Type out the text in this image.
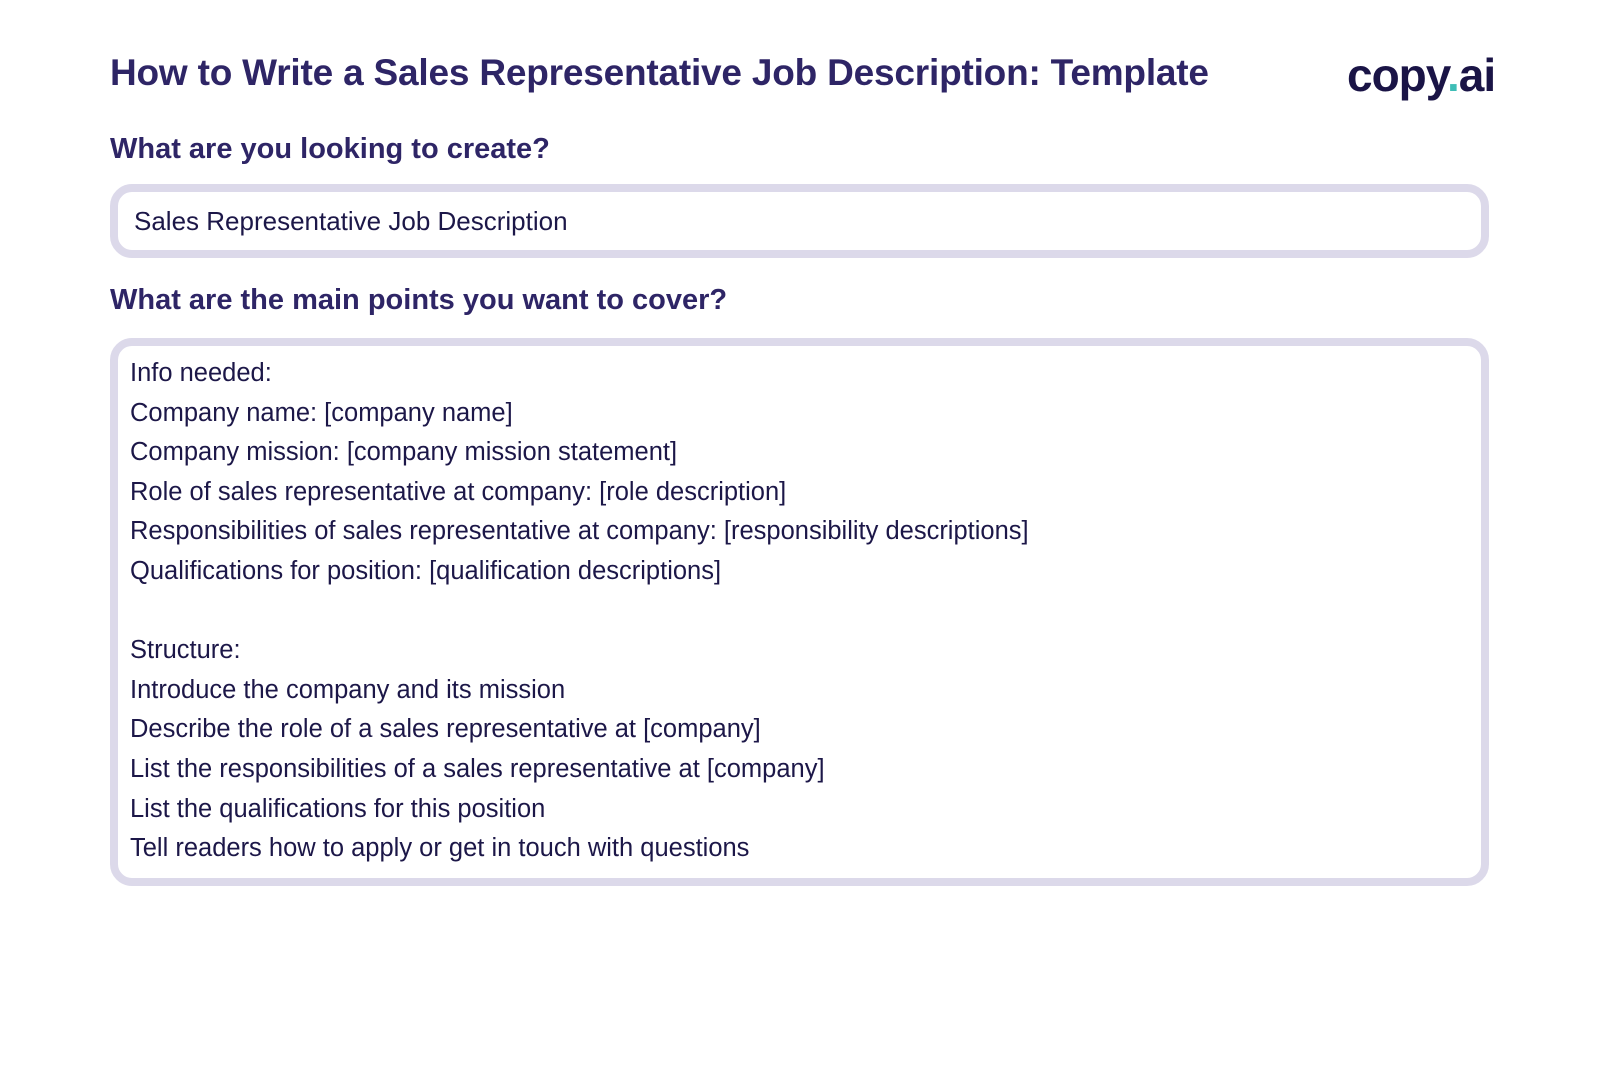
How to Write a Sales Representative Job Description: Template	copy.ai
What are you looking to create?
Sales Representative Job Description
What are the main points you want to cover?
Info needed:
Company name: [company name]
Company mission: [company mission statement]
Role of sales representative at company: [role description]
Responsibilities of sales representative at company: [responsibility descriptions]
Qualifications for position: [qualification descriptions]
Structure:
Introduce the company and its mission
Describe the role of a sales representative at [company]
List the responsibilities of a sales representative at [company]
List the qualifications for this position
Tell readers how to apply or get in touch with questions
